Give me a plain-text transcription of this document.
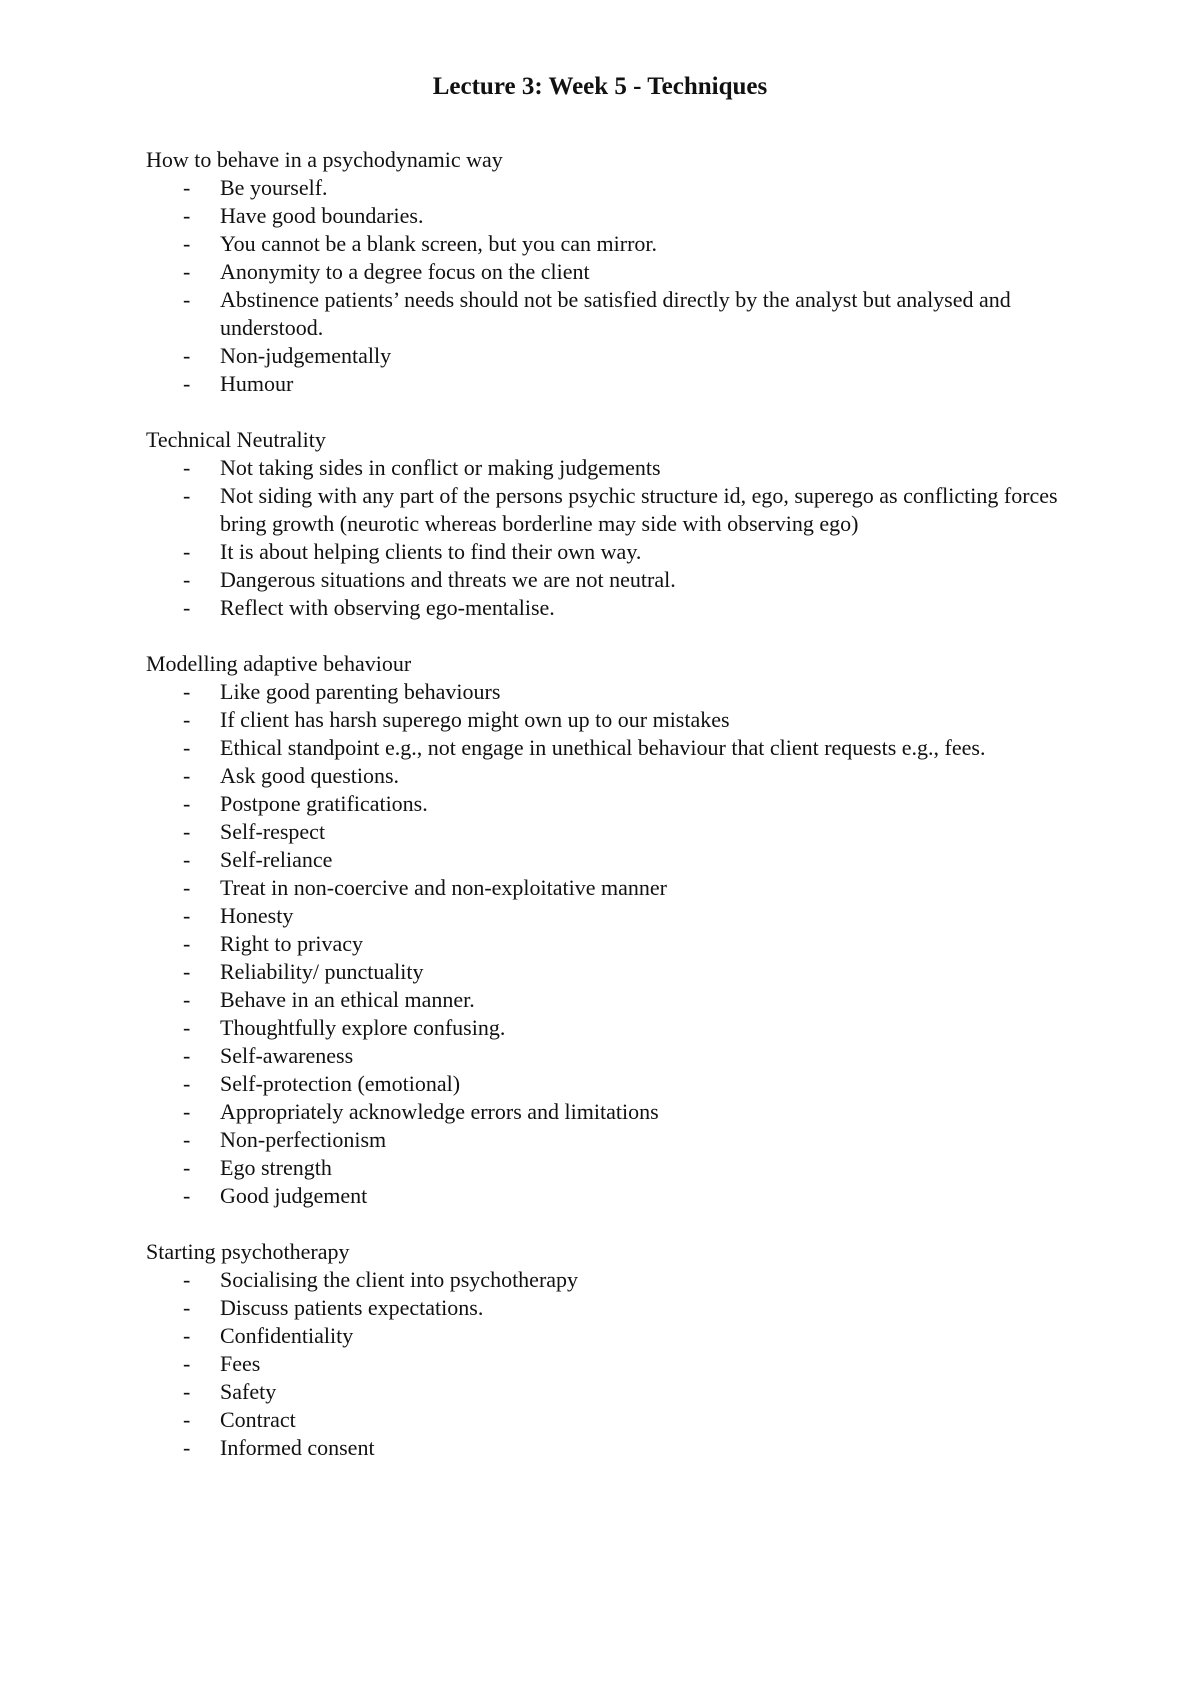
Lecture 3: Week 5 - Techniques

How to behave in a psychodynamic way

- Be yourself.
- Have good boundaries.
- You cannot be a blank screen, but you can mirror.
- Anonymity to a degree focus on the client
- Abstinence patients’ needs should not be satisfied directly by the analyst but analysed and understood.
- Non-judgementally
- Humour

Technical Neutrality

- Not taking sides in conflict or making judgements
- Not siding with any part of the persons psychic structure id, ego, superego as conflicting forces bring growth (neurotic whereas borderline may side with observing ego)
- It is about helping clients to find their own way.
- Dangerous situations and threats we are not neutral.
- Reflect with observing ego-mentalise.

Modelling adaptive behaviour

- Like good parenting behaviours
- If client has harsh superego might own up to our mistakes
- Ethical standpoint e.g., not engage in unethical behaviour that client requests e.g., fees.
- Ask good questions.
- Postpone gratifications.
- Self-respect
- Self-reliance
- Treat in non-coercive and non-exploitative manner
- Honesty
- Right to privacy
- Reliability/ punctuality
- Behave in an ethical manner.
- Thoughtfully explore confusing.
- Self-awareness
- Self-protection (emotional)
- Appropriately acknowledge errors and limitations
- Non-perfectionism
- Ego strength
- Good judgement

Starting psychotherapy

- Socialising the client into psychotherapy
- Discuss patients expectations.
- Confidentiality
- Fees
- Safety
- Contract
- Informed consent
